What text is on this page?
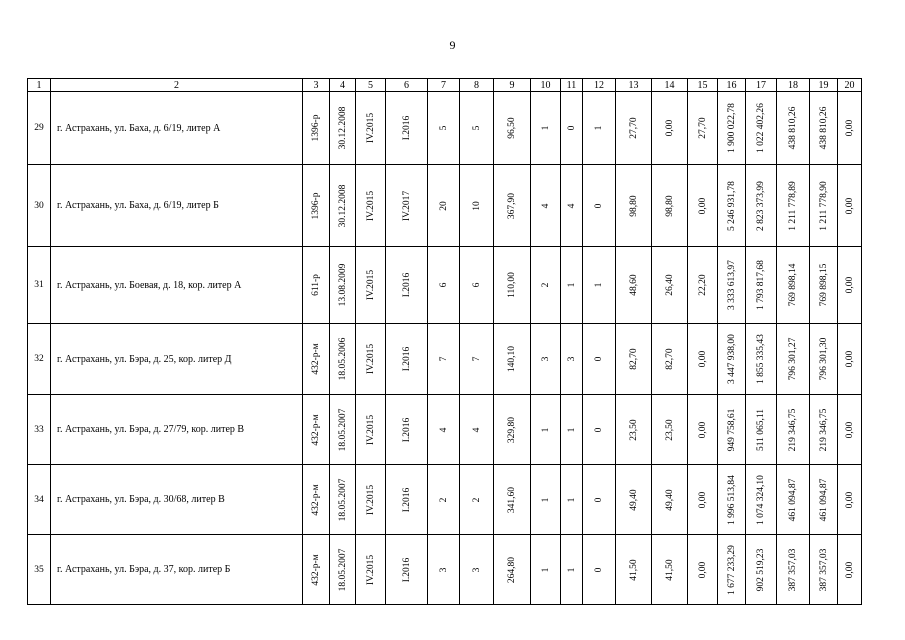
9
1	2	3	4	5	6	7	8	9	10	11	12	13	14	15	16	17	18	19	20
29	г. Астрахань, ул. Баха, д. 6/19, литер А	1396-р	30.12.2008	IV.2015	I.2016	5	5	96,50	1	0	1	27,70	0,00	27,70	1 900 022,78	1 022 402,26	438 810,26	438 810,26	0,00

30	г. Астрахань, ул. Баха, д. 6/19, литер Б	1396-р	30.12.2008	IV.2015	IV.2017	20	10	367,90	4	4	0	98,80	98,80	0,00	5 246 931,78	2 823 373,99	1 211 778,89	1 211 778,90	0,00

31	г. Астрахань, ул. Боевая, д. 18, кор. литер А	611-р	13.08.2009	IV.2015	I.2016	6	6	110,00	2	1	1	48,60	26,40	22,20	3 333 613,97	1 793 817,68	769 898,14	769 898,15	0,00

32	г. Астрахань, ул. Бэра, д. 25, кор. литер Д	432-р-м	18.05.2006	IV.2015	I.2016	7	7	140,10	3	3	0	82,70	82,70	0,00	3 447 938,00	1 855 335,43	796 301,27	796 301,30	0,00

33	г. Астрахань, ул. Бэра, д. 27/79, кор. литер В	432-р-м	18.05.2007	IV.2015	I.2016	4	4	329,80	1	1	0	23,50	23,50	0,00	949 758,61	511 065,11	219 346,75	219 346,75	0,00

34	г. Астрахань, ул. Бэра, д. 30/68, литер В	432-р-м	18.05.2007	IV.2015	I.2016	2	2	341,60	1	1	0	49,40	49,40	0,00	1 996 513,84	1 074 324,10	461 094,87	461 094,87	0,00

35	г. Астрахань, ул. Бэра, д. 37, кор. литер Б	432-р-м	18.05.2007	IV.2015	I.2016	3	3	264,80	1	1	0	41,50	41,50	0,00	1 677 233,29	902 519,23	387 357,03	387 357,03	0,00
